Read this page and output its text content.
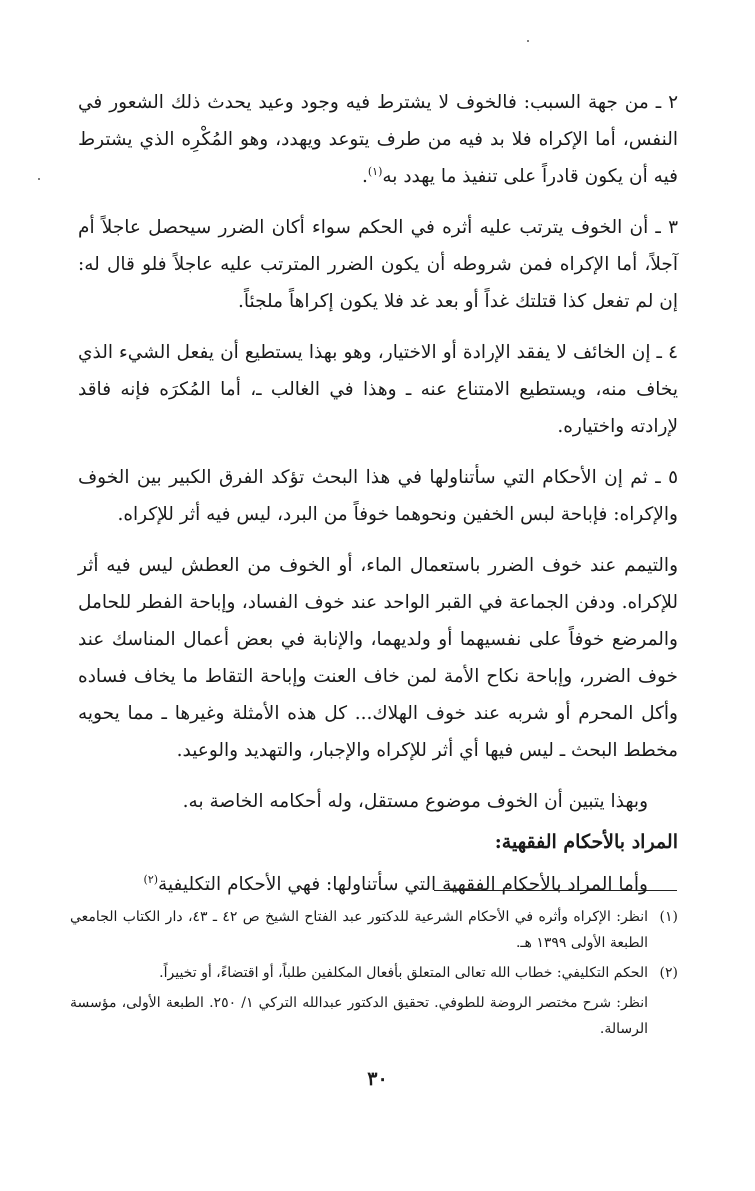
٢ ـ من جهة السبب: فالخوف لا يشترط فيه وجود وعيد يحدث ذلك الشعور في النفس، أما الإكراه فلا بد فيه من طرف يتوعد ويهدد، وهو المُكْرِه الذي يشترط فيه أن يكون قادراً على تنفيذ ما يهدد به$^{(١)}$.

٣ ـ أن الخوف يترتب عليه أثره في الحكم سواء أكان الضرر سيحصل عاجلاً أم آجلاً، أما الإكراه فمن شروطه أن يكون الضرر المترتب عليه عاجلاً فلو قال له: إن لم تفعل كذا قتلتك غداً أو بعد غد فلا يكون إكراهاً ملجئاً.

٤ ـ إن الخائف لا يفقد الإرادة أو الاختيار، وهو بهذا يستطيع أن يفعل الشيء الذي يخاف منه، ويستطيع الامتناع عنه ـ وهذا في الغالب ـ، أما المُكرَه فإنه فاقد لإرادته واختياره.

٥ ـ ثم إن الأحكام التي سأتناولها في هذا البحث تؤكد الفرق الكبير بين الخوف والإكراه: فإباحة لبس الخفين ونحوهما خوفاً من البرد، ليس فيه أثر للإكراه.

والتيمم عند خوف الضرر باستعمال الماء، أو الخوف من العطش ليس فيه أثر للإكراه. ودفن الجماعة في القبر الواحد عند خوف الفساد، وإباحة الفطر للحامل والمرضع خوفاً على نفسيهما أو ولديهما، والإنابة في بعض أعمال المناسك عند خوف الضرر، وإباحة نكاح الأمة لمن خاف العنت وإباحة التقاط ما يخاف فساده وأكل المحرم أو شربه عند خوف الهلاك... كل هذه الأمثلة وغيرها ـ مما يحويه مخطط البحث ـ ليس فيها أي أثر للإكراه والإجبار، والتهديد والوعيد.

وبهذا يتبين أن الخوف موضوع مستقل، وله أحكامه الخاصة به.

المراد بالأحكام الفقهية:

وأما المراد بالأحكام الفقهية التي سأتناولها: فهي الأحكام التكليفية$^{(٢)}$

(١)
انظر: الإكراه وأثره في الأحكام الشرعية للدكتور عبد الفتاح الشيخ ص ٤٢ ـ ٤٣، دار الكتاب الجامعي الطبعة الأولى ١٣٩٩ هـ.
(٢)
الحكم التكليفي: خطاب الله تعالى المتعلق بأفعال المكلفين طلباً، أو اقتضاءً، أو تخييراً.

انظر: شرح مختصر الروضة للطوفي. تحقيق الدكتور عبدالله التركي ١/ ٢٥٠. الطبعة الأولى، مؤسسة الرسالة.

٣٠
